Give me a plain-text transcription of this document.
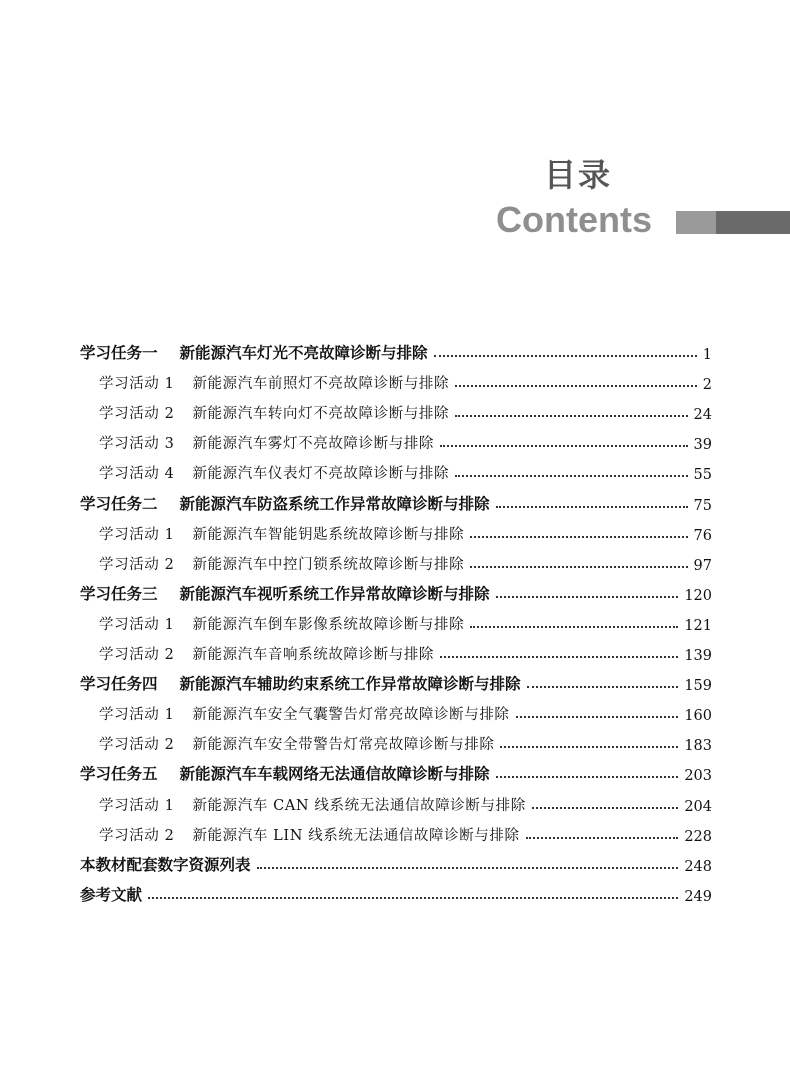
目录
Contents
学习任务一	新能源汽车灯光不亮故障诊断与排除	1
学习活动 1	新能源汽车前照灯不亮故障诊断与排除	2
学习活动 2	新能源汽车转向灯不亮故障诊断与排除	24
学习活动 3	新能源汽车雾灯不亮故障诊断与排除	39
学习活动 4	新能源汽车仪表灯不亮故障诊断与排除	55
学习任务二	新能源汽车防盗系统工作异常故障诊断与排除	75
学习活动 1	新能源汽车智能钥匙系统故障诊断与排除	76
学习活动 2	新能源汽车中控门锁系统故障诊断与排除	97
学习任务三	新能源汽车视听系统工作异常故障诊断与排除	120
学习活动 1	新能源汽车倒车影像系统故障诊断与排除	121
学习活动 2	新能源汽车音响系统故障诊断与排除	139
学习任务四	新能源汽车辅助约束系统工作异常故障诊断与排除	159
学习活动 1	新能源汽车安全气囊警告灯常亮故障诊断与排除	160
学习活动 2	新能源汽车安全带警告灯常亮故障诊断与排除	183
学习任务五	新能源汽车车载网络无法通信故障诊断与排除	203
学习活动 1	新能源汽车 CAN 线系统无法通信故障诊断与排除	204
学习活动 2	新能源汽车 LIN 线系统无法通信故障诊断与排除	228
本教材配套数字资源列表	248
参考文献	249
